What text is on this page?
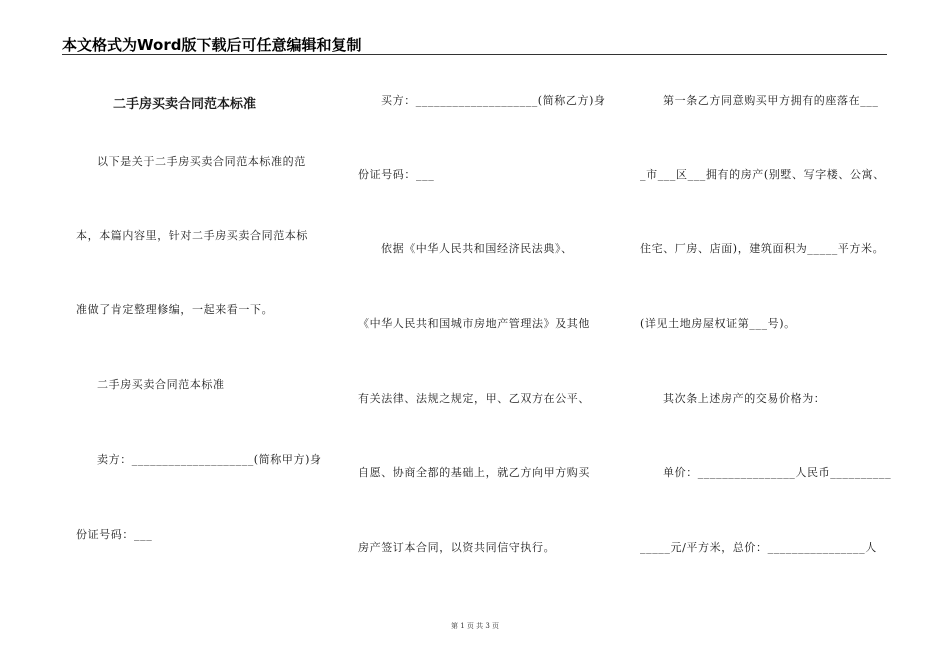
本文格式为Word版下载后可任意编辑和复制
二手房买卖合同范本标准
以下是关于二手房买卖合同范本标准的范
本，本篇内容里，针对二手房买卖合同范本标
准做了肯定整理修编，一起来看一下。
二手房买卖合同范本标准
卖方：____________________(简称甲方)身
份证号码：___
买方：____________________(简称乙方)身
份证号码：___
依据《中华人民共和国经济民法典》、
《中华人民共和国城市房地产管理法》及其他
有关法律、法规之规定，甲、乙双方在公平、
自愿、协商全都的基础上，就乙方向甲方购买
房产签订本合同，以资共同信守执行。
第一条乙方同意购买甲方拥有的座落在___
_市___区___拥有的房产(别墅、写字楼、公寓、
住宅、厂房、店面)，建筑面积为_____平方米。
(详见土地房屋权证第___号)。
其次条上述房产的交易价格为：
单价：________________人民币__________
_____元/平方米，总价：________________人
第 1 页 共 3 页
